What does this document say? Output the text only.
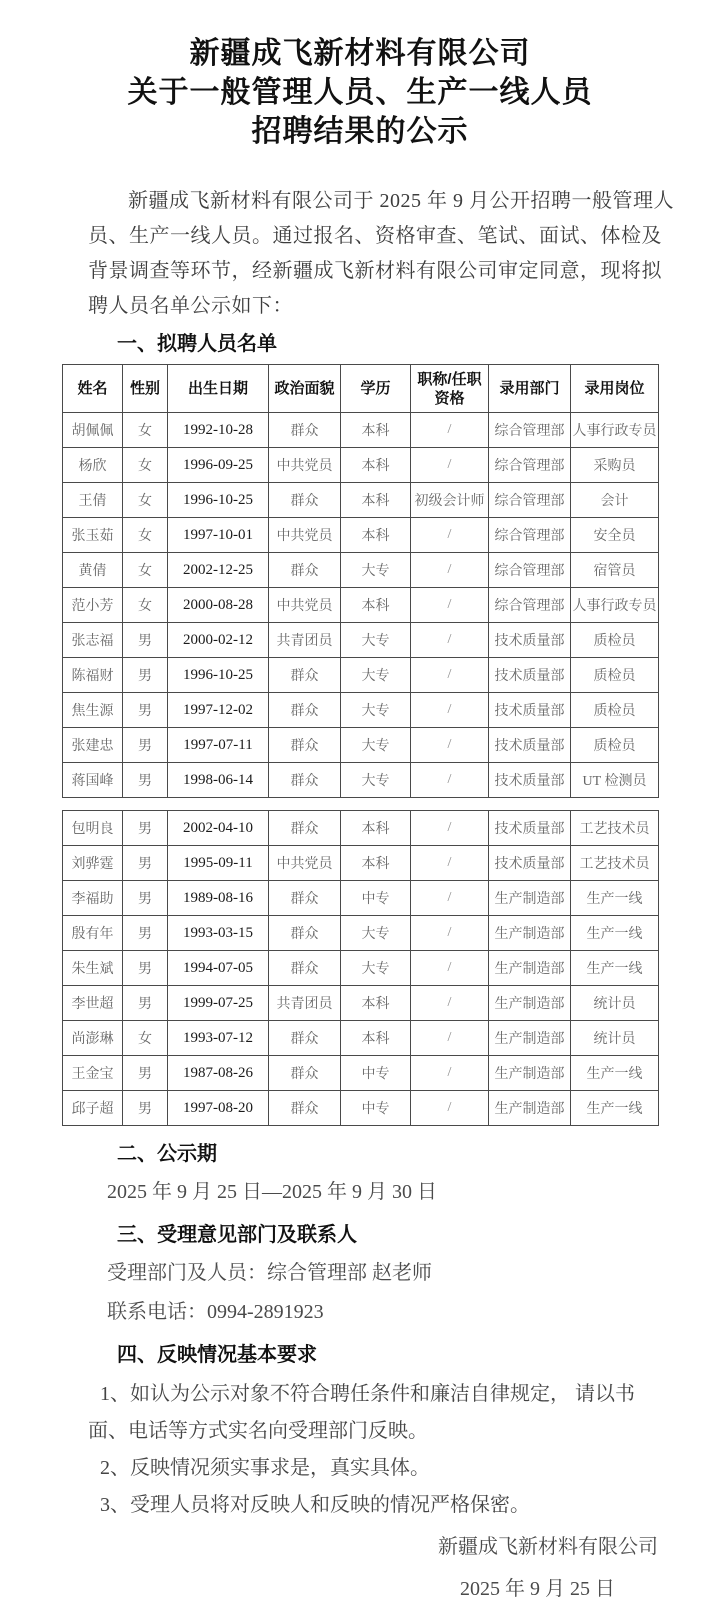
新疆成飞新材料有限公司
关于一般管理人员、生产一线人员
招聘结果的公示
新疆成飞新材料有限公司于 2025 年 9 月公开招聘一般管理人
员、生产一线人员。通过报名、资格审查、笔试、面试、体检及
背景调查等环节，经新疆成飞新材料有限公司审定同意，现将拟
聘人员名单公示如下：
一、拟聘人员名单
姓名	性别	出生日期	政治面貌	学历	职称/任职资格	录用部门	录用岗位
胡佩佩	女	1992-10-28	群众	本科	/	综合管理部	人事行政专员
杨欣	女	1996-09-25	中共党员	本科	/	综合管理部	采购员
王倩	女	1996-10-25	群众	本科	初级会计师	综合管理部	会计
张玉茹	女	1997-10-01	中共党员	本科	/	综合管理部	安全员
黄倩	女	2002-12-25	群众	大专	/	综合管理部	宿管员
范小芳	女	2000-08-28	中共党员	本科	/	综合管理部	人事行政专员
张志福	男	2000-02-12	共青团员	大专	/	技术质量部	质检员
陈福财	男	1996-10-25	群众	大专	/	技术质量部	质检员
焦生源	男	1997-12-02	群众	大专	/	技术质量部	质检员
张建忠	男	1997-07-11	群众	大专	/	技术质量部	质检员
蒋国峰	男	1998-06-14	群众	大专	/	技术质量部	UT 检测员
包明良	男	2002-04-10	群众	本科	/	技术质量部	工艺技术员
刘骅霆	男	1995-09-11	中共党员	本科	/	技术质量部	工艺技术员
李福助	男	1989-08-16	群众	中专	/	生产制造部	生产一线
殷有年	男	1993-03-15	群众	大专	/	生产制造部	生产一线
朱生斌	男	1994-07-05	群众	大专	/	生产制造部	生产一线
李世超	男	1999-07-25	共青团员	本科	/	生产制造部	统计员
尚澎琳	女	1993-07-12	群众	本科	/	生产制造部	统计员
王金宝	男	1987-08-26	群众	中专	/	生产制造部	生产一线
邱子超	男	1997-08-20	群众	中专	/	生产制造部	生产一线
二、公示期
2025 年 9 月 25 日—2025 年 9 月 30 日
三、受理意见部门及联系人
受理部门及人员：综合管理部 赵老师
联系电话：0994-2891923
四、反映情况基本要求
1、如认为公示对象不符合聘任条件和廉洁自律规定， 请以书
面、电话等方式实名向受理部门反映。
2、反映情况须实事求是，真实具体。
3、受理人员将对反映人和反映的情况严格保密。
新疆成飞新材料有限公司
2025 年 9 月 25 日
